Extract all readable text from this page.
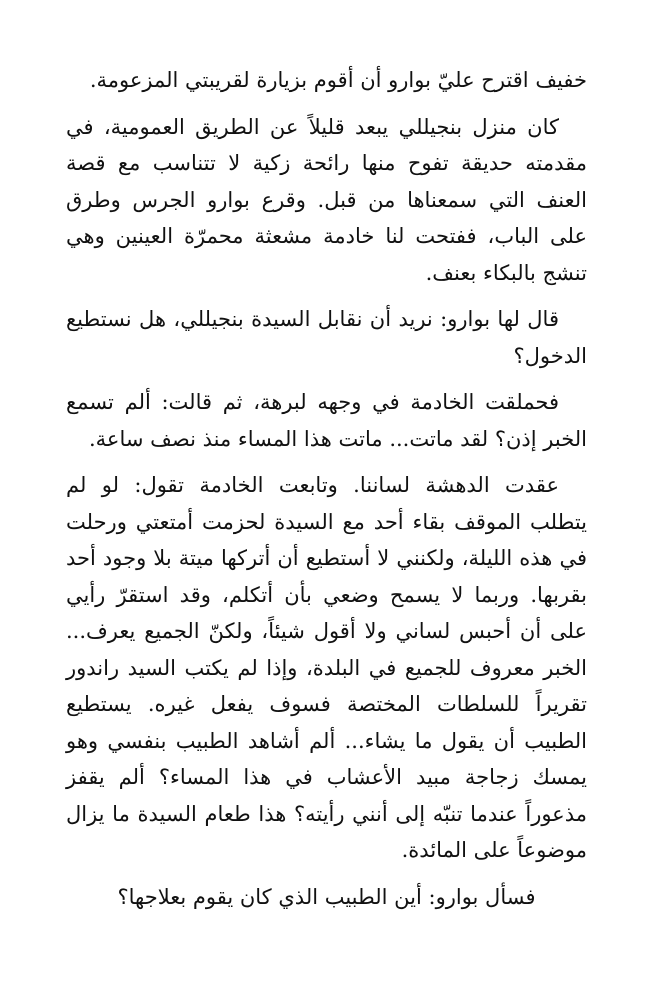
خفيف اقترح عليّ بوارو أن أقوم بزيارة لقريبتي المزعومة.

كان منزل بنجيللي يبعد قليلاً عن الطريق العمومية، في مقدمته حديقة تفوح منها رائحة زكية لا تتناسب مع قصة العنف التي سمعناها من قبل. وقرع بوارو الجرس وطرق على الباب، ففتحت لنا خادمة مشعثة محمرّة العينين وهي تنشج بالبكاء بعنف.

قال لها بوارو: نريد أن نقابل السيدة بنجيللي، هل نستطيع الدخول؟

فحملقت الخادمة في وجهه لبرهة، ثم قالت: ألم تسمع الخبر إذن؟ لقد ماتت... ماتت هذا المساء منذ نصف ساعة.

عقدت الدهشة لساننا. وتابعت الخادمة تقول: لو لم يتطلب الموقف بقاء أحد مع السيدة لحزمت أمتعتي ورحلت في هذه الليلة، ولكنني لا أستطيع أن أتركها ميتة بلا وجود أحد بقربها. وربما لا يسمح وضعي بأن أتكلم، وقد استقرّ رأيي على أن أحبس لساني ولا أقول شيئاً، ولكنّ الجميع يعرف... الخبر معروف للجميع في البلدة، وإذا لم يكتب السيد راندور تقريراً للسلطات المختصة فسوف يفعل غيره. يستطيع الطبيب أن يقول ما يشاء... ألم أشاهد الطبيب بنفسي وهو يمسك زجاجة مبيد الأعشاب في هذا المساء؟ ألم يقفز مذعوراً عندما تنبّه إلى أنني رأيته؟ هذا طعام السيدة ما يزال موضوعاً على المائدة.

فسأل بوارو: أين الطبيب الذي كان يقوم بعلاجها؟
